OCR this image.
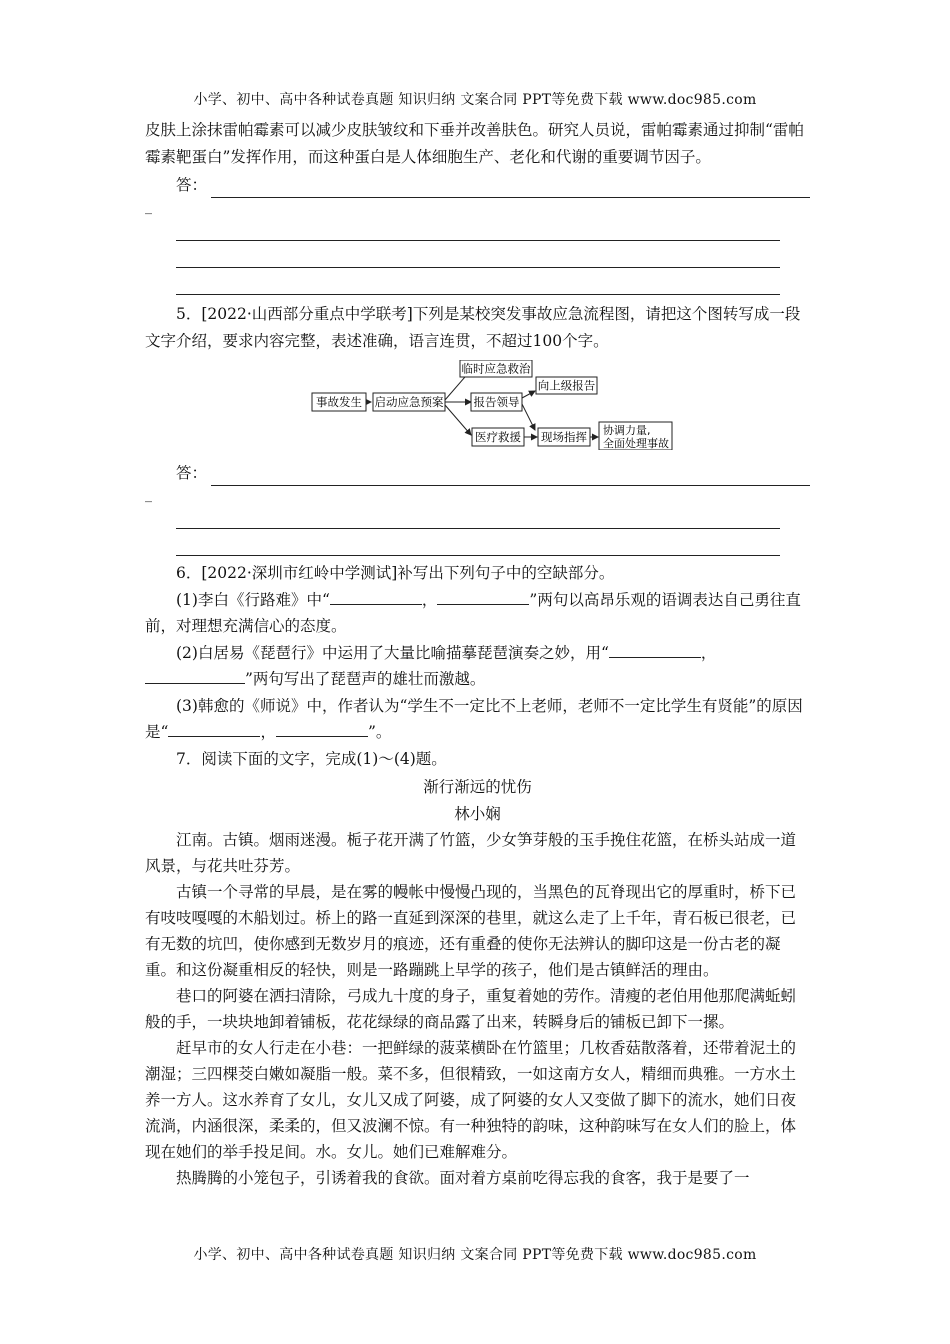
小学、初中、高中各种试卷真题 知识归纳 文案合同 PPT等免费下载 www.doc985.com

皮肤上涂抹雷帕霉素可以减少皮肤皱纹和下垂并改善肤色。研究人员说，雷帕霉素通过抑制“雷帕霉素靶蛋白”发挥作用，而这种蛋白是人体细胞生产、老化和代谢的重要调节因子。

答：
_

5．[2022·山西部分重点中学联考]下列是某校突发事故应急流程图，请把这个图转写成一段文字介绍，要求内容完整，表述准确，语言连贯，不超过100个字。

事故发生 启动应急预案
临时应急救治
报告领导
向上级报告
医疗救援 现场指挥 协调力量,
全面处理事故
答：
_

6．[2022·深圳市红岭中学测试]补写出下列句子中的空缺部分。

(1)李白《行路难》中“	，	”两句以高昂乐观的语调表达自己勇往直前，对理想充满信心的态度。

(2)白居易《琵琶行》中运用了大量比喻描摹琵琶演奏之妙，用“	，”两句写出了琵琶声的雄壮而激越。

(3)韩愈的《师说》中，作者认为“学生不一定比不上老师，老师不一定比学生有贤能”的原因是“	，	”。

7．阅读下面的文字，完成(1)～(4)题。

渐行渐远的忧伤

林小娴

江南。古镇。烟雨迷漫。栀子花开满了竹篮，少女笋芽般的玉手挽住花篮，在桥头站成一道风景，与花共吐芬芳。

古镇一个寻常的早晨，是在雾的幔帐中慢慢凸现的，当黑色的瓦脊现出它的厚重时，桥下已有吱吱嘎嘎的木船划过。桥上的路一直延到深深的巷里，就这么走了上千年，青石板已很老，已有无数的坑凹，使你感到无数岁月的痕迹，还有重叠的使你无法辨认的脚印这是一份古老的凝重。和这份凝重相反的轻快，则是一路蹦跳上早学的孩子，他们是古镇鲜活的理由。

巷口的阿婆在洒扫清除，弓成九十度的身子，重复着她的劳作。清瘦的老伯用他那爬满蚯蚓般的手，一块块地卸着铺板，花花绿绿的商品露了出来，转瞬身后的铺板已卸下一摞。

赶早市的女人行走在小巷：一把鲜绿的菠菜横卧在竹篮里；几枚香菇散落着，还带着泥土的潮湿；三四棵茭白嫩如凝脂一般。菜不多，但很精致，一如这南方女人，精细而典雅。一方水土养一方人。这水养育了女儿，女儿又成了阿婆，成了阿婆的女人又变做了脚下的流水，她们日夜流淌，内涵很深，柔柔的，但又波澜不惊。有一种独特的韵味，这种韵味写在女人们的脸上，体现在她们的举手投足间。水。女儿。她们已难解难分。

热腾腾的小笼包子，引诱着我的食欲。面对着方桌前吃得忘我的食客，我于是要了一

小学、初中、高中各种试卷真题 知识归纳 文案合同 PPT等免费下载 www.doc985.com
